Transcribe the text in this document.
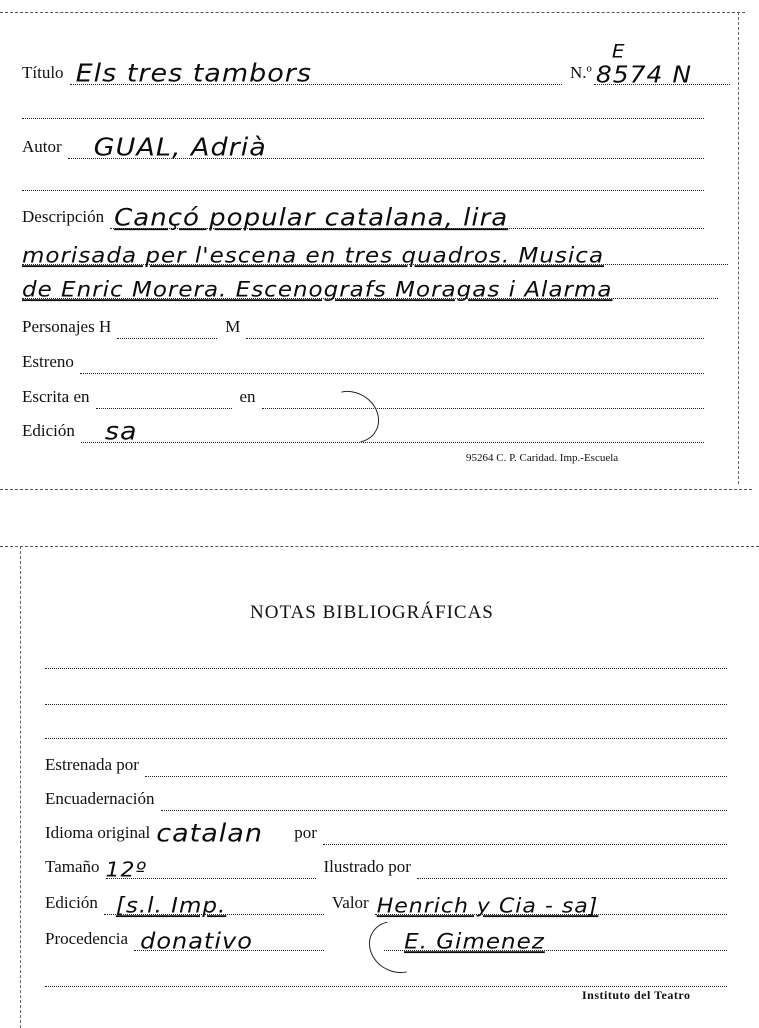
Título Els tres tambors	N.º
E
8574 N
Autor GUAL, Adrià
Descripción Cançó popular catalana, lira
morisada per l'escena en tres quadros. Musica
de Enric Morera. Escenografs Moragas i Alarma
Personajes H	M
Estreno
Escrita en	en
Edición sa
95264 C. P. Caridad. Imp.-Escuela
NOTAS BIBLIOGRÁFICAS
Estrenada por
Encuadernación
Idioma original catalan por
Tamaño 12º	Ilustrado por
Edición [s.l. Imp.	Valor Henrich y Cia - sa]
Procedencia donativo	E. Gimenez
Instituto del Teatro
